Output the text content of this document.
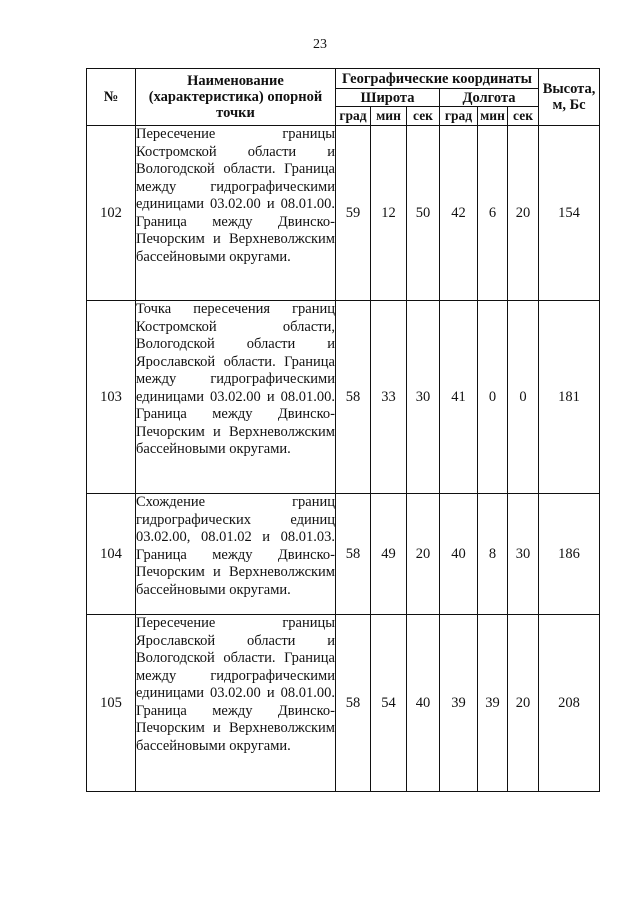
23
№	Наименование (характеристика) опорной точки	Географические координаты						Высота, м, Бс
		Широта			Долгота			
		град	мин	сек	град	мин	сек	
102	Пересечение границы Костромской области и Вологодской области. Граница между гидрографическими единицами 03.02.00 и 08.01.00. Граница между Двинско-Печорским и Верхневолжским бассейновыми округами.	59	12	50	42	6	20	154
103	Точка пересечения границ Костромской области, Вологодской области и Ярославской области. Граница между гидрографическими единицами 03.02.00 и 08.01.00. Граница между Двинско-Печорским и Верхневолжским бассейновыми округами.	58	33	30	41	0	0	181
104	Схождение границ гидрографических единиц 03.02.00, 08.01.02 и 08.01.03. Граница между Двинско-Печорским и Верхневолжским бассейновыми округами.	58	49	20	40	8	30	186
105	Пересечение границы Ярославской области и Вологодской области. Граница между гидрографическими единицами 03.02.00 и 08.01.00. Граница между Двинско-Печорским и Верхневолжским бассейновыми округами.	58	54	40	39	39	20	208
